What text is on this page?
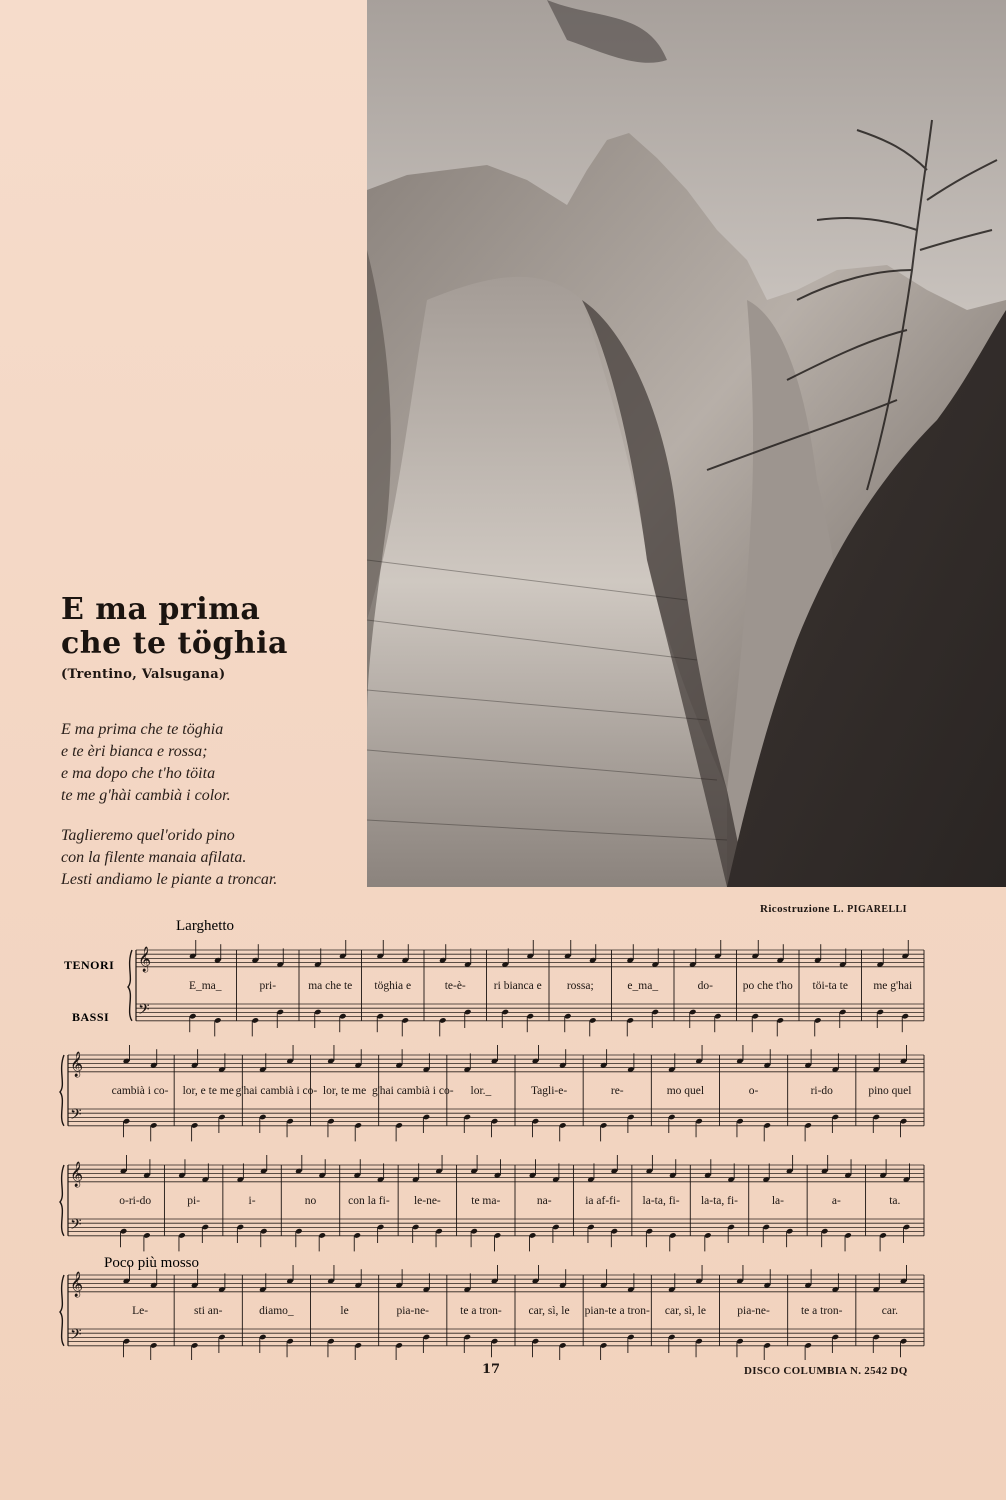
E ma prima
che te töghia
(Trentino, Valsugana)
E ma prima che te töghia
e te èri bianca e rossa;
e ma dopo che t'ho töita
te me g'hài cambià i color.
Taglieremo quel'orido pino
con la filente manaia afilata.
Lesti andiamo le piante a troncar.
Ricostruzione L. PIGARELLI
Larghetto
TENORI
BASSI
Poco più mosso
𝄞
𝄢
E_ma_	pri-	ma che te töghia e	te-è- ri bianca e rossa;	e_ma_	do-	po che t'ho töi-ta te me g'hai
𝄞
𝄢
cambià i co- lor, e te me g'hai cambià i co- lor, te me g'hai cambià i co- lor._	Tagli-e-	re-	mo quel	o-	ri-do	pino quel
𝄞
𝄢
o-ri-do	pi-	i-	no	con la fi- le-ne-	te ma-	na-	ia af-fi- la-ta, fi- la-ta, fi-	la-	a-	ta.
𝄞
𝄢
Le-	sti an-	diamo_	le	pia-ne-	te a tron- car, sì, le pian-te a tron- car, sì, le	pia-ne-	te a tron-	car.
17	DISCO COLUMBIA N. 2542 DQ
